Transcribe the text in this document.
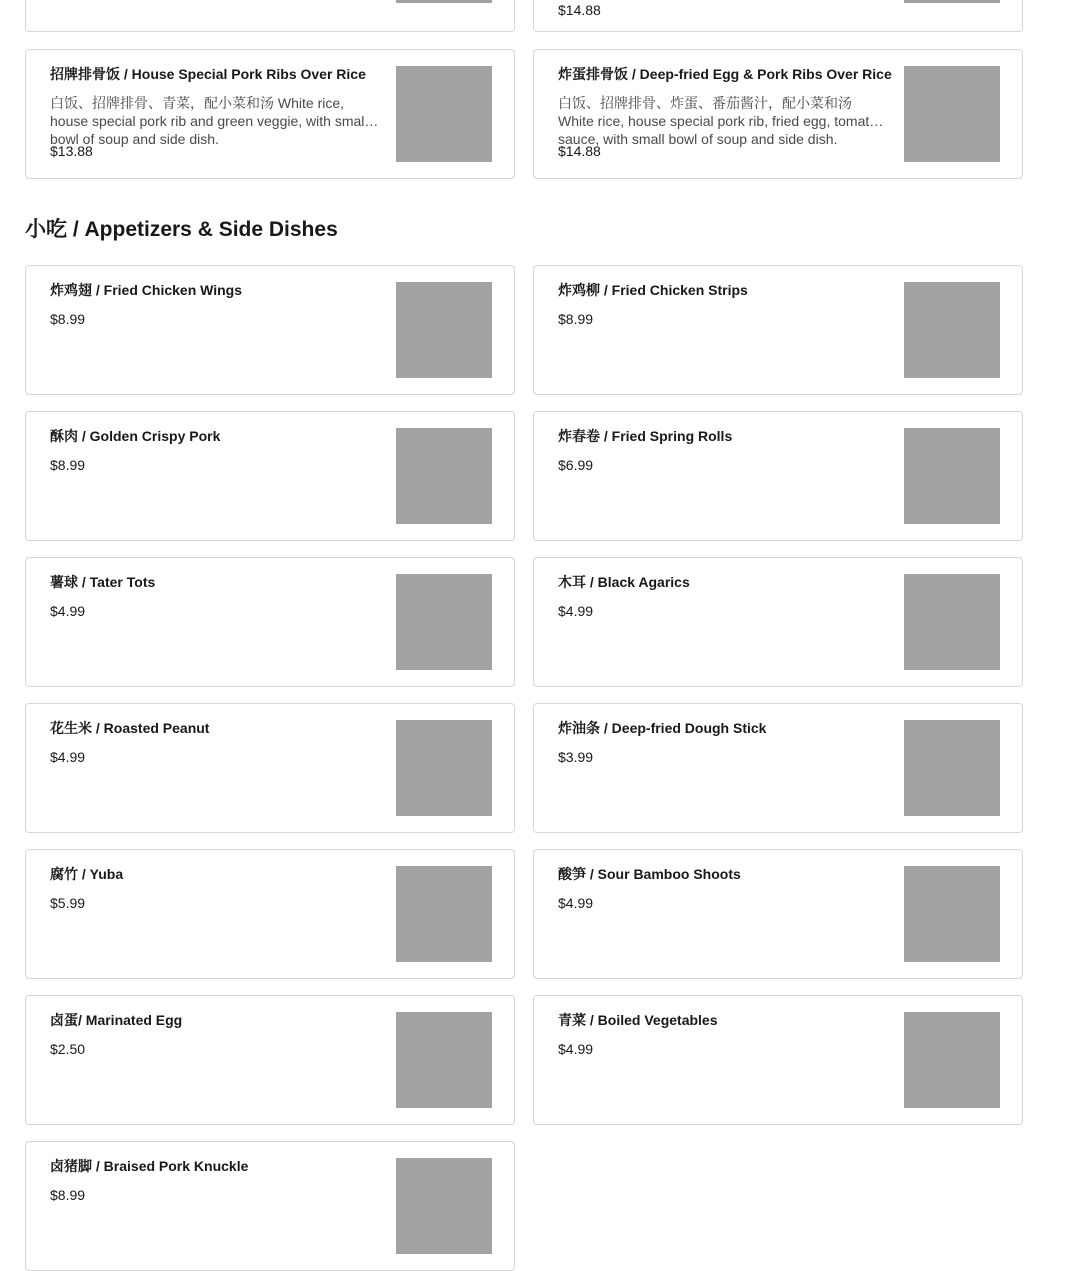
$14.88
招牌排骨饭 / House Special Pork Ribs Over Rice
白饭、招牌排骨、青菜，配小菜和汤 White rice, house special pork rib and green veggie, with small bowl of soup and side dish.
$13.88
炸蛋排骨饭 / Deep-fried Egg & Pork Ribs Over Rice
白饭、招牌排骨、炸蛋、番茄酱汁，配小菜和汤 White rice, house special pork rib, fried egg, tomato sauce, with small bowl of soup and side dish.
$14.88
小吃 / Appetizers & Side Dishes
炸鸡翅 / Fried Chicken Wings
$8.99
炸鸡柳 / Fried Chicken Strips
$8.99
酥肉 / Golden Crispy Pork
$8.99
炸春卷 / Fried Spring Rolls
$6.99
薯球 / Tater Tots
$4.99
木耳 / Black Agarics
$4.99
花生米 / Roasted Peanut
$4.99
炸油条 / Deep-fried Dough Stick
$3.99
腐竹 / Yuba
$5.99
酸笋 / Sour Bamboo Shoots
$4.99
卤蛋/ Marinated Egg
$2.50
青菜 / Boiled Vegetables
$4.99
卤猪脚 / Braised Pork Knuckle
$8.99
